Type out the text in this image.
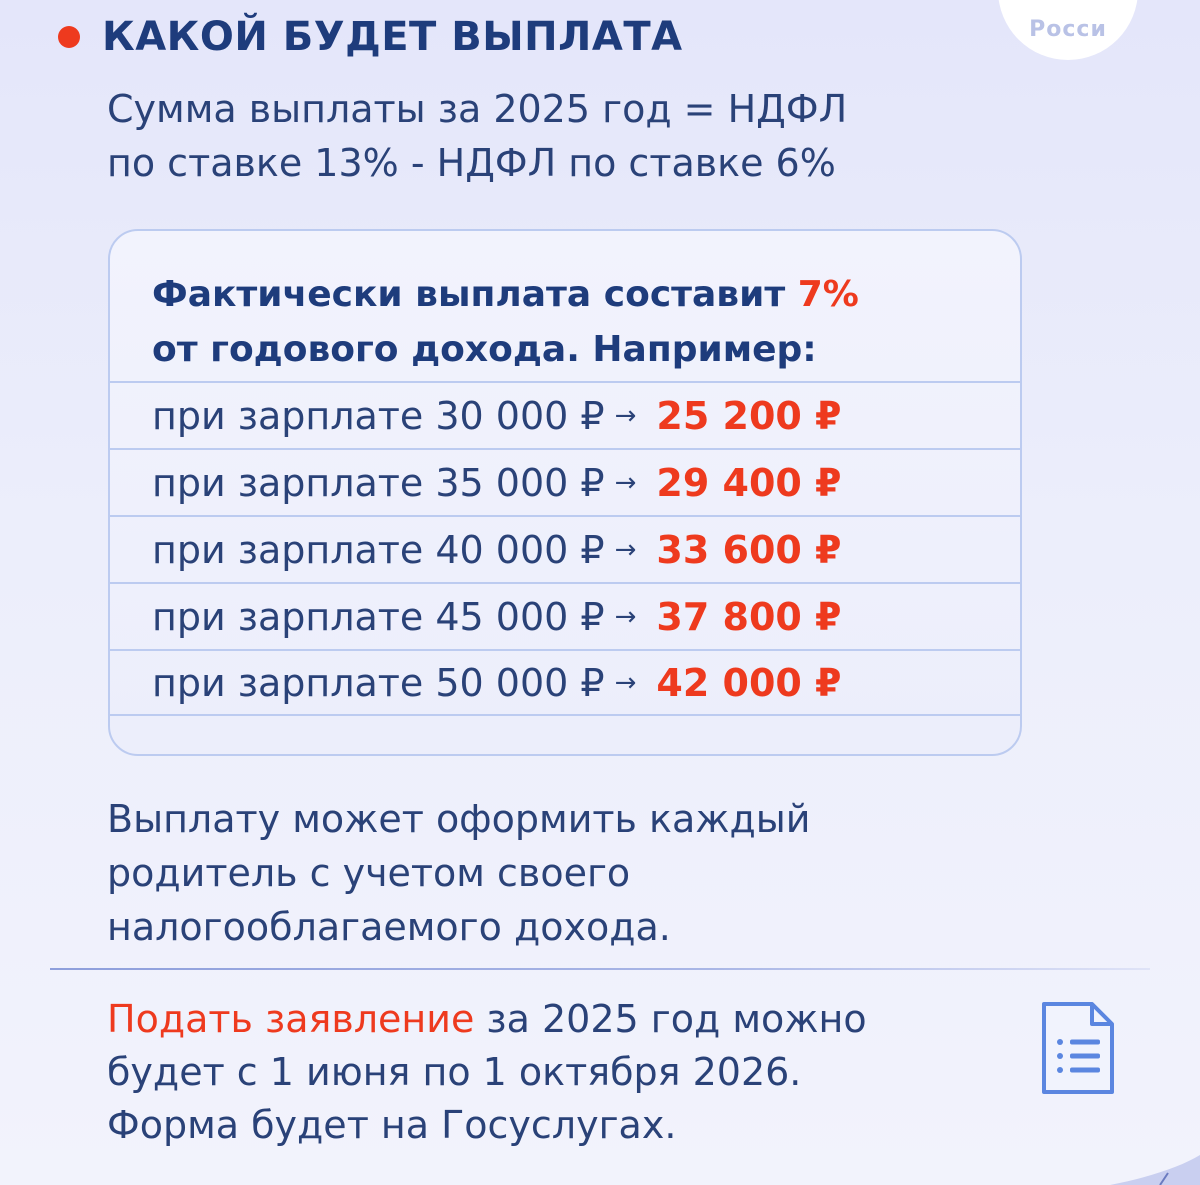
Росси
КАКОЙ БУДЕТ ВЫПЛАТА

Сумма выплаты за 2025 год = НДФЛ
по ставке 13% - НДФЛ по ставке 6%

Фактически выплата составит 7%
от годового дохода. Например:

при зарплате 30 000 ₽ → 25 200 ₽
при зарплате 35 000 ₽ → 29 400 ₽
при зарплате 40 000 ₽ → 33 600 ₽
при зарплате 45 000 ₽ → 37 800 ₽
при зарплате 50 000 ₽ → 42 000 ₽

Выплату может оформить каждый
родитель с учетом своего
налогооблагаемого дохода.

Подать заявление за 2025 год можно
будет с 1 июня по 1 октября 2026.
Форма будет на Госуслугах.
